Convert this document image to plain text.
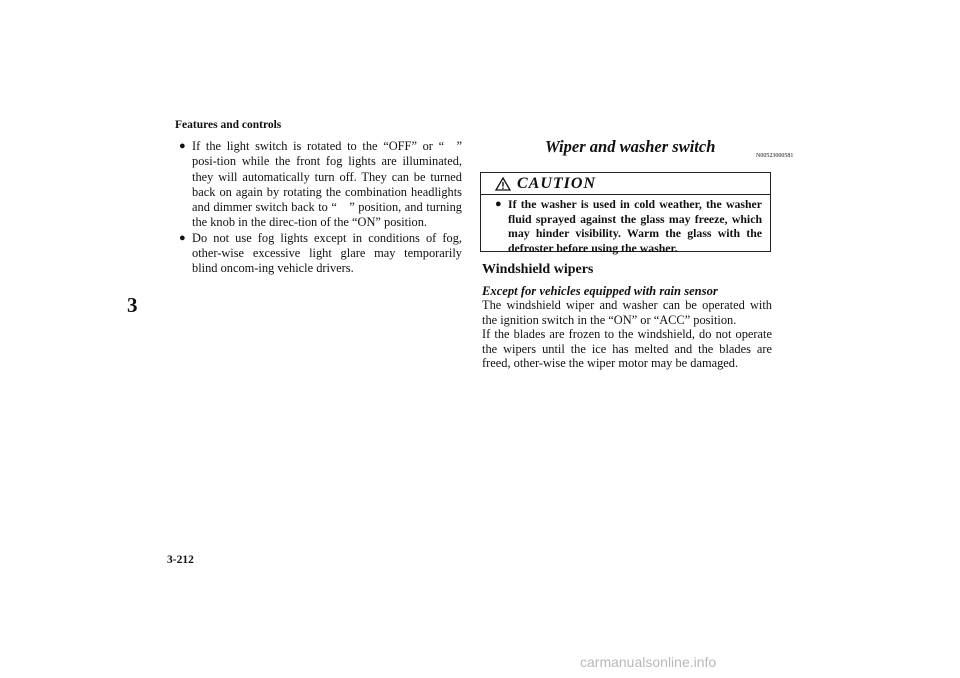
Features and controls
3
3-212
● If the light switch is rotated to the “OFF” or “ ” posi-tion while the front fog lights are illuminated, they will automatically turn off. They can be turned back on again by rotating the combination headlights and dimmer switch back to “ ” position, and turning the knob in the direc-tion of the “ON” position.
● Do not use fog lights except in conditions of fog, other-wise excessive light glare may temporarily blind oncom-ing vehicle drivers.
Wiper and washer switch	N00523000581
CAUTION
● If the washer is used in cold weather, the washer fluid sprayed against the glass may freeze, which may hinder visibility. Warm the glass with the defroster before using the washer.
Windshield wipers
Except for vehicles equipped with rain sensor

The windshield wiper and washer can be operated with the ignition switch in the “ON” or “ACC” position.

If the blades are frozen to the windshield, do not operate the wipers until the ice has melted and the blades are freed, other-wise the wiper motor may be damaged.

carmanualsonline.info
